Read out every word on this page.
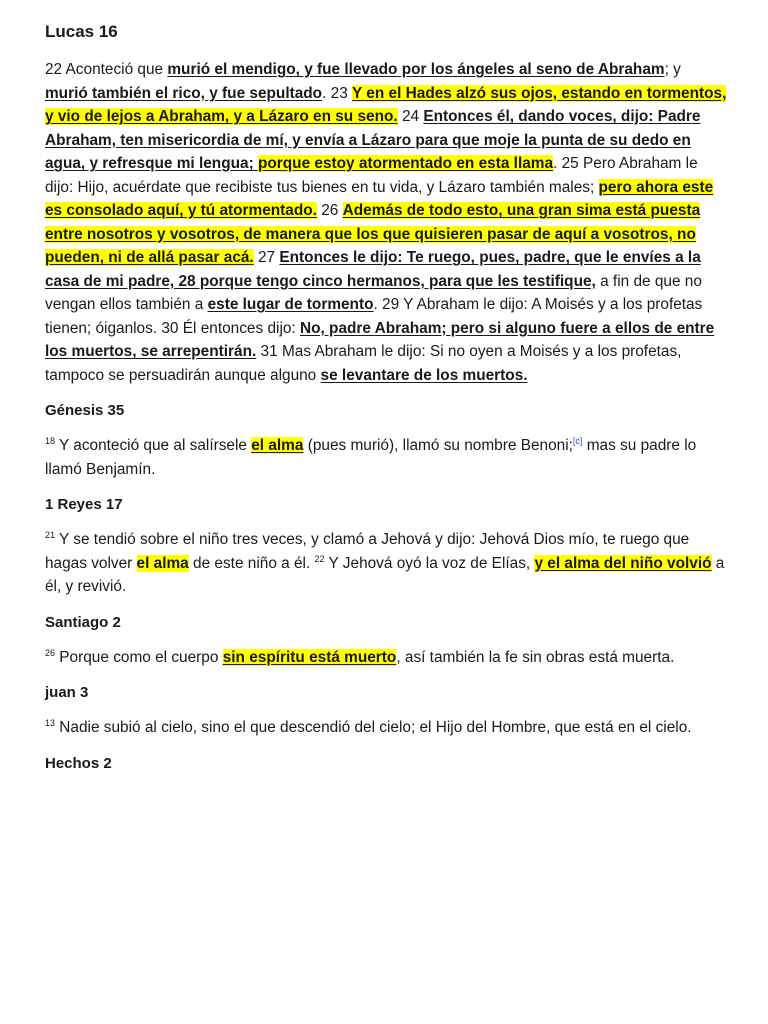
Lucas 16

22 Aconteció que murió el mendigo, y fue llevado por los ángeles al seno de Abraham; y murió también el rico, y fue sepultado. 23 Y en el Hades alzó sus ojos, estando en tormentos, y vio de lejos a Abraham, y a Lázaro en su seno. 24 Entonces él, dando voces, dijo: Padre Abraham, ten misericordia de mí, y envía a Lázaro para que moje la punta de su dedo en agua, y refresque mi lengua; porque estoy atormentado en esta llama. 25 Pero Abraham le dijo: Hijo, acuérdate que recibiste tus bienes en tu vida, y Lázaro también males; pero ahora este es consolado aquí, y tú atormentado. 26 Además de todo esto, una gran sima está puesta entre nosotros y vosotros, de manera que los que quisieren pasar de aquí a vosotros, no pueden, ni de allá pasar acá. 27 Entonces le dijo: Te ruego, pues, padre, que le envíes a la casa de mi padre, 28 porque tengo cinco hermanos, para que les testifique, a fin de que no vengan ellos también a este lugar de tormento. 29 Y Abraham le dijo: A Moisés y a los profetas tienen; óiganlos. 30 Él entonces dijo: No, padre Abraham; pero si alguno fuere a ellos de entre los muertos, se arrepentirán. 31 Mas Abraham le dijo: Si no oyen a Moisés y a los profetas, tampoco se persuadirán aunque alguno se levantare de los muertos.

Génesis 35

$^{18}$ Y aconteció que al salírsele el alma (pues murió), llamó su nombre Benoni;[c] mas su padre lo llamó Benjamín.

1 Reyes 17

$^{21}$ Y se tendió sobre el niño tres veces, y clamó a Jehová y dijo: Jehová Dios mío, te ruego que hagas volver el alma de este niño a él. $^{22}$ Y Jehová oyó la voz de Elías, y el alma del niño volvió a él, y revivió.

Santiago 2

$^{26}$ Porque como el cuerpo sin espíritu está muerto, así también la fe sin obras está muerta.

juan 3

$^{13}$ Nadie subió al cielo, sino el que descendió del cielo; el Hijo del Hombre, que está en el cielo.

Hechos 2
